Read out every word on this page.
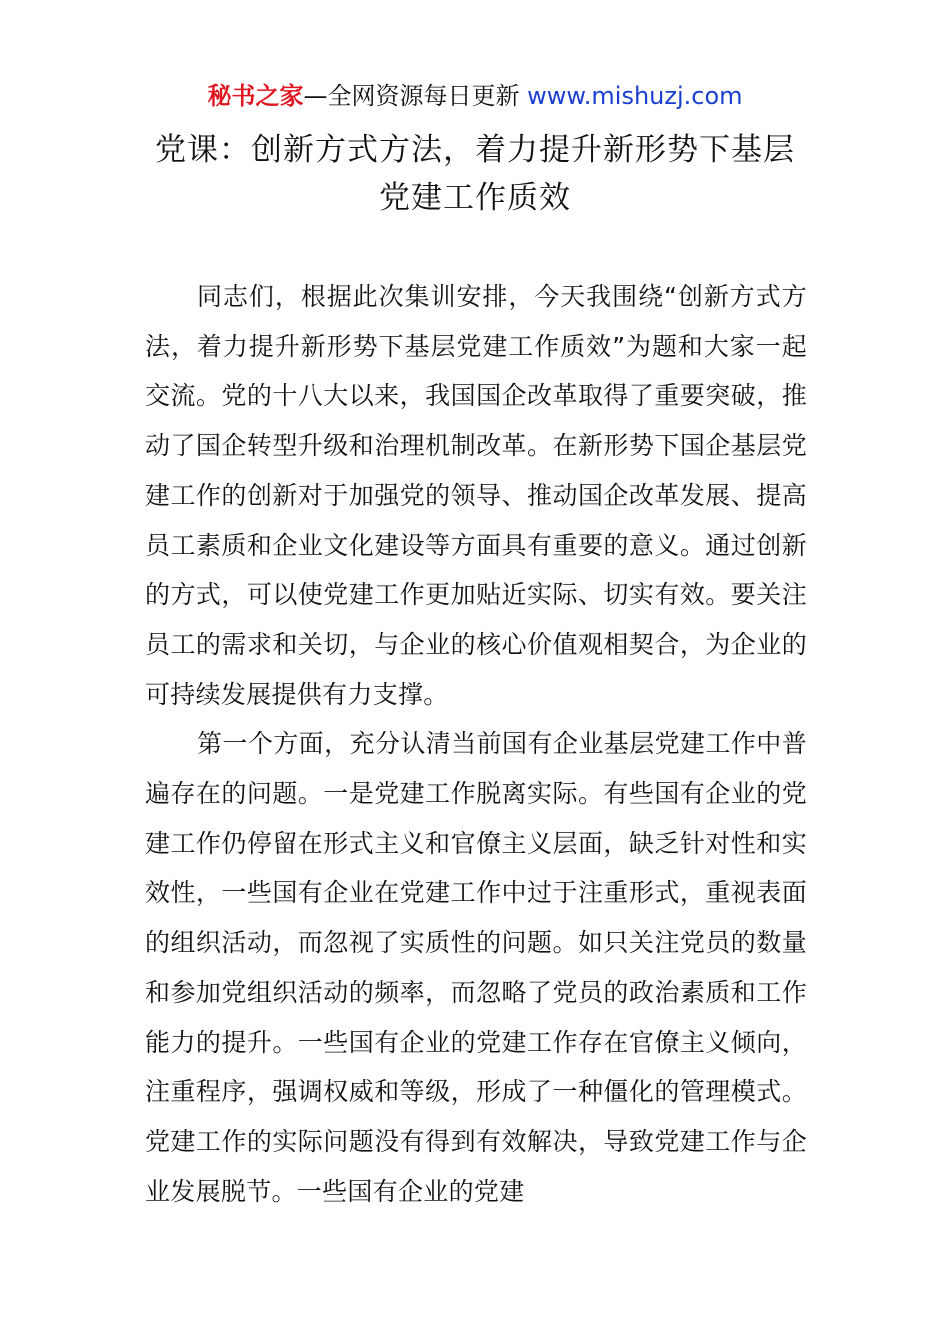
秘书之家—全网资源每日更新 www.mishuzj.com
党课：创新方式方法，着力提升新形势下基层
党建工作质效

同志们，根据此次集训安排，今天我围绕“创新方式方法，着力提升新形势下基层党建工作质效”为题和大家一起交流。党的十八大以来，我国国企改革取得了重要突破，推动了国企转型升级和治理机制改革。在新形势下国企基层党建工作的创新对于加强党的领导、推动国企改革发展、提高员工素质和企业文化建设等方面具有重要的意义。通过创新的方式，可以使党建工作更加贴近实际、切实有效。要关注员工的需求和关切，与企业的核心价值观相契合，为企业的可持续发展提供有力支撑。

第一个方面，充分认清当前国有企业基层党建工作中普遍存在的问题。一是党建工作脱离实际。有些国有企业的党建工作仍停留在形式主义和官僚主义层面，缺乏针对性和实效性，一些国有企业在党建工作中过于注重形式，重视表面的组织活动，而忽视了实质性的问题。如只关注党员的数量和参加党组织活动的频率，而忽略了党员的政治素质和工作能力的提升。一些国有企业的党建工作存在官僚主义倾向，注重程序，强调权威和等级，形成了一种僵化的管理模式。党建工作的实际问题没有得到有效解决，导致党建工作与企业发展脱节。一些国有企业的党建
